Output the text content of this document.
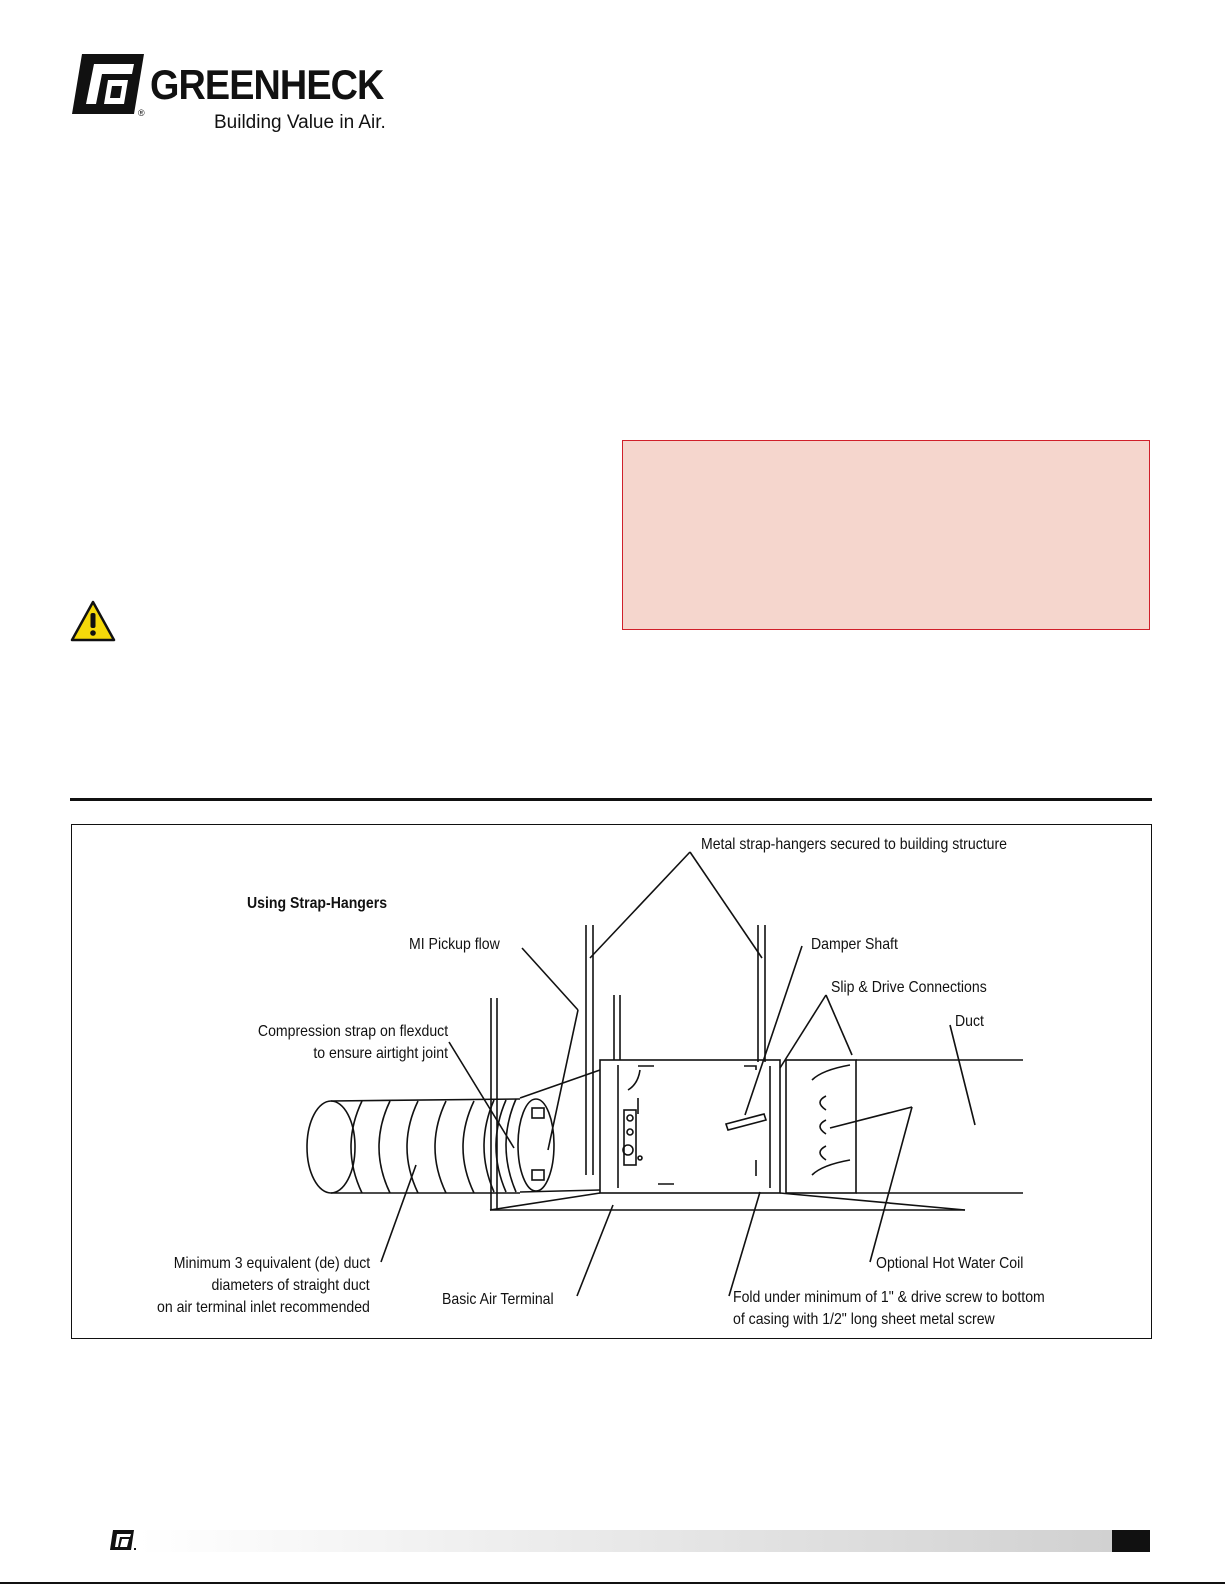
GREENHECK
®	Building Value in Air.
Using Strap-Hangers
Metal strap-hangers secured to building structure
MI Pickup flow	Damper Shaft
Slip & Drive Connections
Duct
Compression strap on flexduct
to ensure airtight joint
Minimum 3 equivalent (de) duct
diameters of straight duct
on air terminal inlet recommended	Basic Air Terminal
Optional Hot Water Coil
Fold under minimum of 1" & drive screw to bottom
of casing with 1/2" long sheet metal screw
